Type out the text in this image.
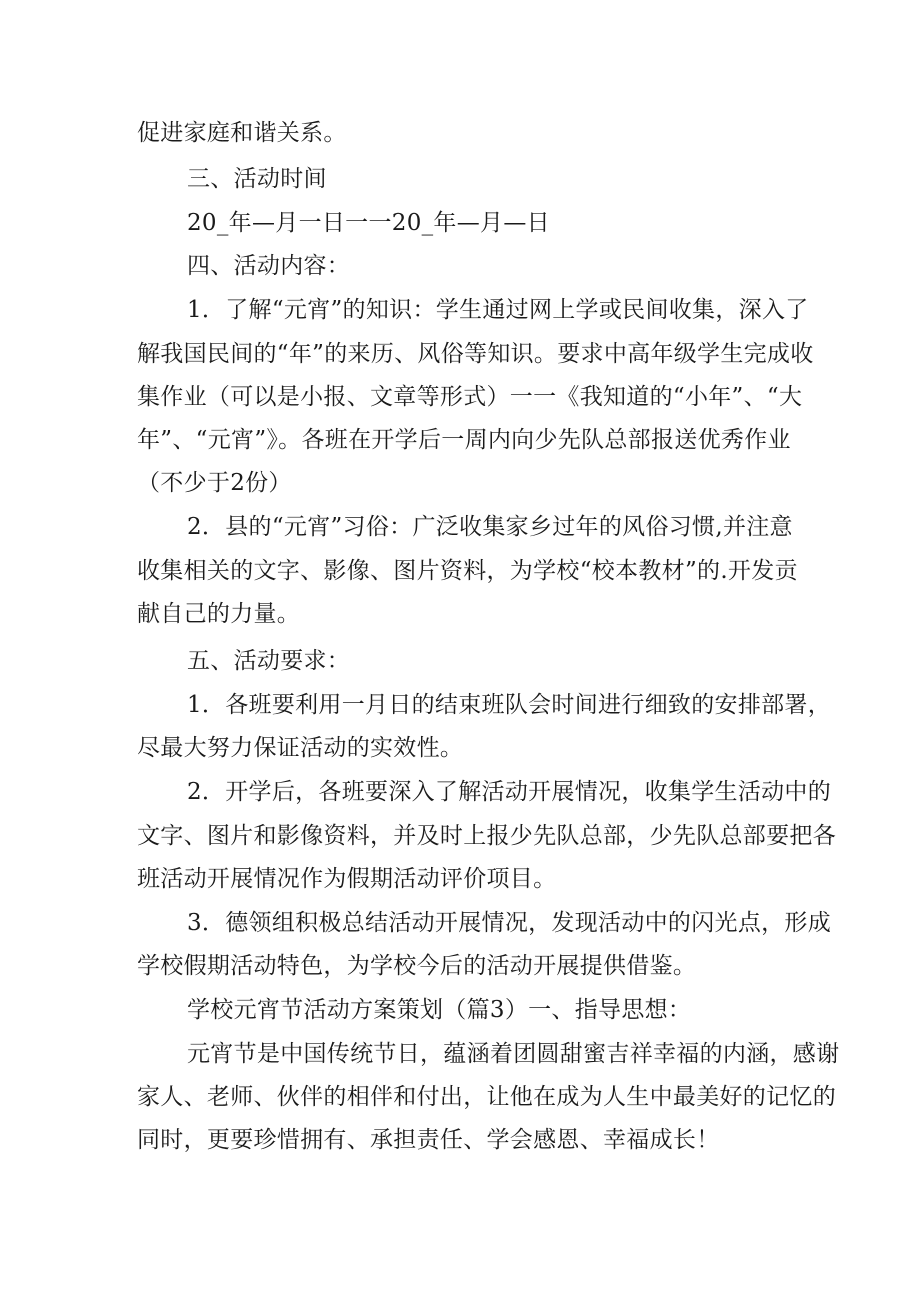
促进家庭和谐关系。
三、活动时间
20_年—月一日一一20_年—月—日
四、活动内容：
1．了解“元宵”的知识：学生通过网上学或民间收集，深入了
解我国民间的“年”的来历、风俗等知识。要求中高年级学生完成收
集作业（可以是小报、文章等形式）一一《我知道的“小年”、“大
年”、“元宵”》。各班在开学后一周内向少先队总部报送优秀作业
（不少于2份）
2．县的“元宵”习俗：广泛收集家乡过年的风俗习惯,并注意
收集相关的文字、影像、图片资料，为学校“校本教材”的.开发贡
献自己的力量。
五、活动要求：
1．各班要利用一月日的结束班队会时间进行细致的安排部署，
尽最大努力保证活动的实效性。
2．开学后，各班要深入了解活动开展情况，收集学生活动中的
文字、图片和影像资料，并及时上报少先队总部，少先队总部要把各
班活动开展情况作为假期活动评价项目。
3．德领组积极总结活动开展情况，发现活动中的闪光点，形成
学校假期活动特色，为学校今后的活动开展提供借鉴。
学校元宵节活动方案策划（篇3）一、指导思想：
元宵节是中国传统节日，蕴涵着团圆甜蜜吉祥幸福的内涵，感谢
家人、老师、伙伴的相伴和付出，让他在成为人生中最美好的记忆的
同时，更要珍惜拥有、承担责任、学会感恩、幸福成长！
